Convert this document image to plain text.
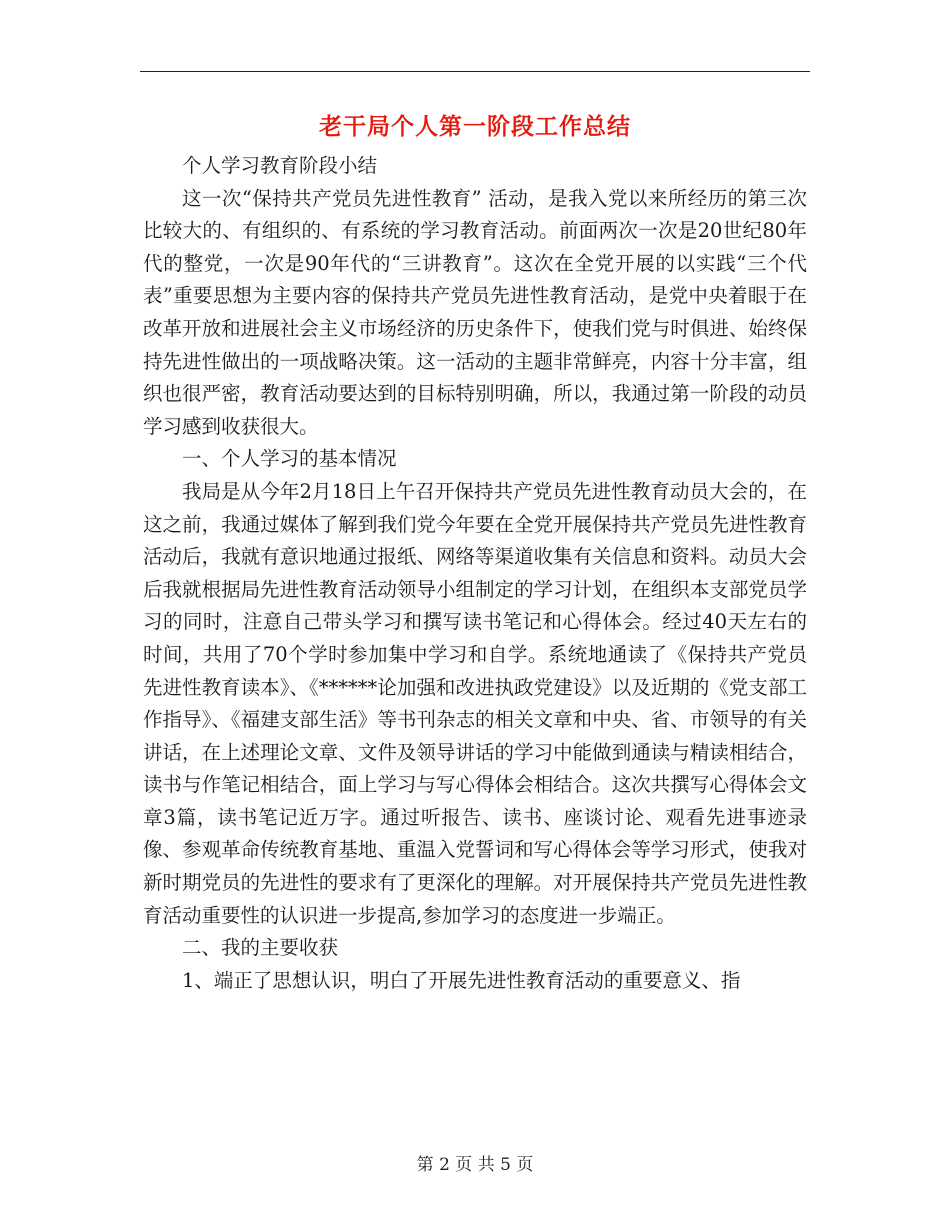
老干局个人第一阶段工作总结

个人学习教育阶段小结

这一次“保持共产党员先进性教育” 活动，是我入党以来所经历的第三次比较大的、有组织的、有系统的学习教育活动。前面两次一次是20世纪80年代的整党，一次是90年代的“三讲教育”。这次在全党开展的以实践“三个代表”重要思想为主要内容的保持共产党员先进性教育活动，是党中央着眼于在改革开放和进展社会主义市场经济的历史条件下，使我们党与时俱进、始终保持先进性做出的一项战略决策。这一活动的主题非常鲜亮，内容十分丰富，组织也很严密，教育活动要达到的目标特别明确，所以，我通过第一阶段的动员学习感到收获很大。

一、个人学习的基本情况

我局是从今年2月18日上午召开保持共产党员先进性教育动员大会的，在这之前，我通过媒体了解到我们党今年要在全党开展保持共产党员先进性教育活动后，我就有意识地通过报纸、网络等渠道收集有关信息和资料。动员大会后我就根据局先进性教育活动领导小组制定的学习计划，在组织本支部党员学习的同时，注意自己带头学习和撰写读书笔记和心得体会。经过40天左右的时间，共用了70个学时参加集中学习和自学。系统地通读了《保持共产党员先进性教育读本》、《******论加强和改进执政党建设》以及近期的《党支部工作指导》、《福建支部生活》等书刊杂志的相关文章和中央、省、市领导的有关讲话，在上述理论文章、文件及领导讲话的学习中能做到通读与精读相结合，读书与作笔记相结合，面上学习与写心得体会相结合。这次共撰写心得体会文章3篇，读书笔记近万字。通过听报告、读书、座谈讨论、观看先进事迹录像、参观革命传统教育基地、重温入党誓词和写心得体会等学习形式，使我对新时期党员的先进性的要求有了更深化的理解。对开展保持共产党员先进性教育活动重要性的认识进一步提高,参加学习的态度进一步端正。

二、我的主要收获

1、端正了思想认识，明白了开展先进性教育活动的重要意义、指

第 2 页 共 5 页
